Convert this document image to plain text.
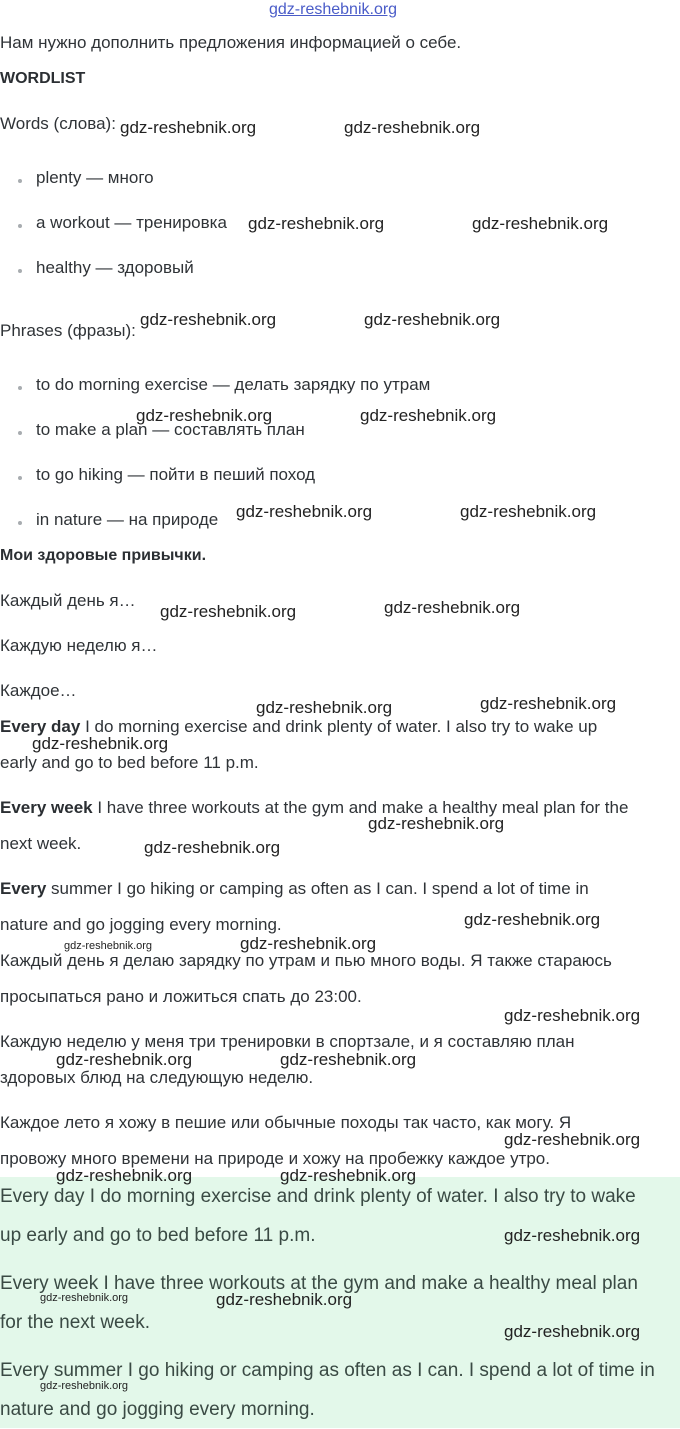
gdz-reshebnik.org
Нам нужно дополнить предложения информацией о себе.
WORDLIST
Words (слова):
plenty — много
a workout — тренировка
healthy — здоровый
Phrases (фразы):
to do morning exercise — делать зарядку по утрам
to make a plan — составлять план
to go hiking — пойти в пеший поход
in nature — на природе
Мои здоровые привычки.
Каждый день я…
Каждую неделю я…
Каждое…
Every day I do morning exercise and drink plenty of water. I also try to wake up
early and go to bed before 11 p.m.
Every week I have three workouts at the gym and make a healthy meal plan for the
next week.
Every summer I go hiking or camping as often as I can. I spend a lot of time in
nature and go jogging every morning.
Каждый день я делаю зарядку по утрам и пью много воды. Я также стараюсь
просыпаться рано и ложиться спать до 23:00.
Каждую неделю у меня три тренировки в спортзале, и я составляю план
здоровых блюд на следующую неделю.
Каждое лето я хожу в пешие или обычные походы так часто, как могу. Я
провожу много времени на природе и хожу на пробежку каждое утро.
Every day I do morning exercise and drink plenty of water. I also try to wake
up early and go to bed before 11 p.m.
Every week I have three workouts at the gym and make a healthy meal plan
for the next week.
Every summer I go hiking or camping as often as I can. I spend a lot of time in
nature and go jogging every morning.
gdz-reshebnik.org	gdz-reshebnik.org
gdz-reshebnik.org	gdz-reshebnik.org
gdz-reshebnik.org	gdz-reshebnik.org
gdz-reshebnik.org	gdz-reshebnik.org
gdz-reshebnik.org	gdz-reshebnik.org
gdz-reshebnik.org	gdz-reshebnik.org
gdz-reshebnik.org	gdz-reshebnik.org
gdz-reshebnik.org
gdz-reshebnik.org
gdz-reshebnik.org
gdz-reshebnik.org
gdz-reshebnik.org	gdz-reshebnik.org
gdz-reshebnik.org
gdz-reshebnik.org	gdz-reshebnik.org
gdz-reshebnik.org
gdz-reshebnik.org	gdz-reshebnik.org
gdz-reshebnik.org
gdz-reshebnik.org	gdz-reshebnik.org
gdz-reshebnik.org
gdz-reshebnik.org
